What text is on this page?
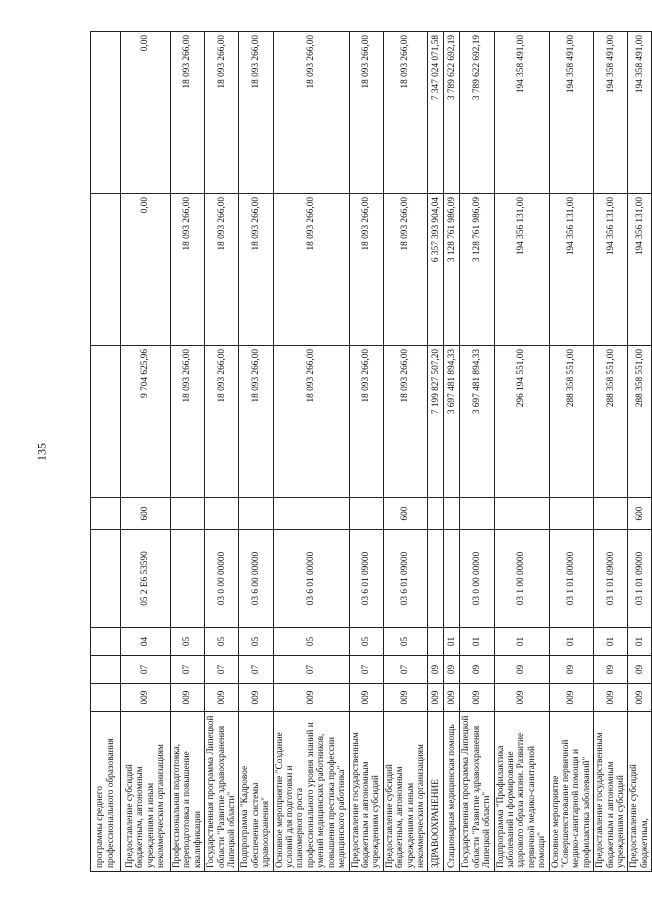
135
программы среднего профессионального образования								
Предоставление субсидий бюджетным, автономным учреждениям и иным некоммерческим организациям	009	07	04	05 2 Е6 53590	600	9 704 625,96	0,00	0,00
Профессиональная подготовка, переподготовка и повышение квалификации	009	07	05			18 093 266,00	18 093 266,00	18 093 266,00
Государственная программа Липецкой области "Развитие здравоохранения Липецкой области"	009	07	05	03 0 00 00000		18 093 266,00	18 093 266,00	18 093 266,00
Подпрограмма "Кадровое обеспечение системы здравоохранения"	009	07	05	03 6 00 00000		18 093 266,00	18 093 266,00	18 093 266,00
Основное мероприятие "Создание условий для подготовки и планомерного роста профессионального уровня знаний и умений медицинских работников, повышения престижа профессии медицинского работника"	009	07	05	03 6 01 00000		18 093 266,00	18 093 266,00	18 093 266,00
Предоставление государственным бюджетным и автономным учреждениям субсидий	009	07	05	03 6 01 09000		18 093 266,00	18 093 266,00	18 093 266,00
Предоставление субсидий бюджетным, автономным учреждениям и иным некоммерческим организациям	009	07	05	03 6 01 09000	600	18 093 266,00	18 093 266,00	18 093 266,00
ЗДРАВООХРАНЕНИЕ	009	09				7 199 827 507,20	6 357 393 904,04	7 347 024 071,58
Стационарная медицинская помощь	009	09	01			3 697 481 894,33	3 128 761 986,09	3 789 622 692,19
Государственная программа Липецкой области "Развитие здравоохранения Липецкой области"	009	09	01	03 0 00 00000		3 697 481 894,33	3 128 761 986,09	3 789 622 692,19
Подпрограмма "Профилактика заболеваний и формирование здорового образа жизни. Развитие первичной медико-санитарной помощи"	009	09	01	03 1 00 00000		296 194 551,00	194 356 131,00	194 358 491,00
Основное мероприятие "Совершенствование первичной медико-санитарной помощи и профилактика заболеваний"	009	09	01	03 1 01 00000		288 358 551,00	194 356 131,00	194 358 491,00
Предоставление государственным бюджетным и автономным учреждениям субсидий	009	09	01	03 1 01 09000		288 358 551,00	194 356 131,00	194 358 491,00
Предоставление субсидий бюджетным,	009	09	01	03 1 01 09000	600	288 358 551,00	194 356 131,00	194 358 491,00
